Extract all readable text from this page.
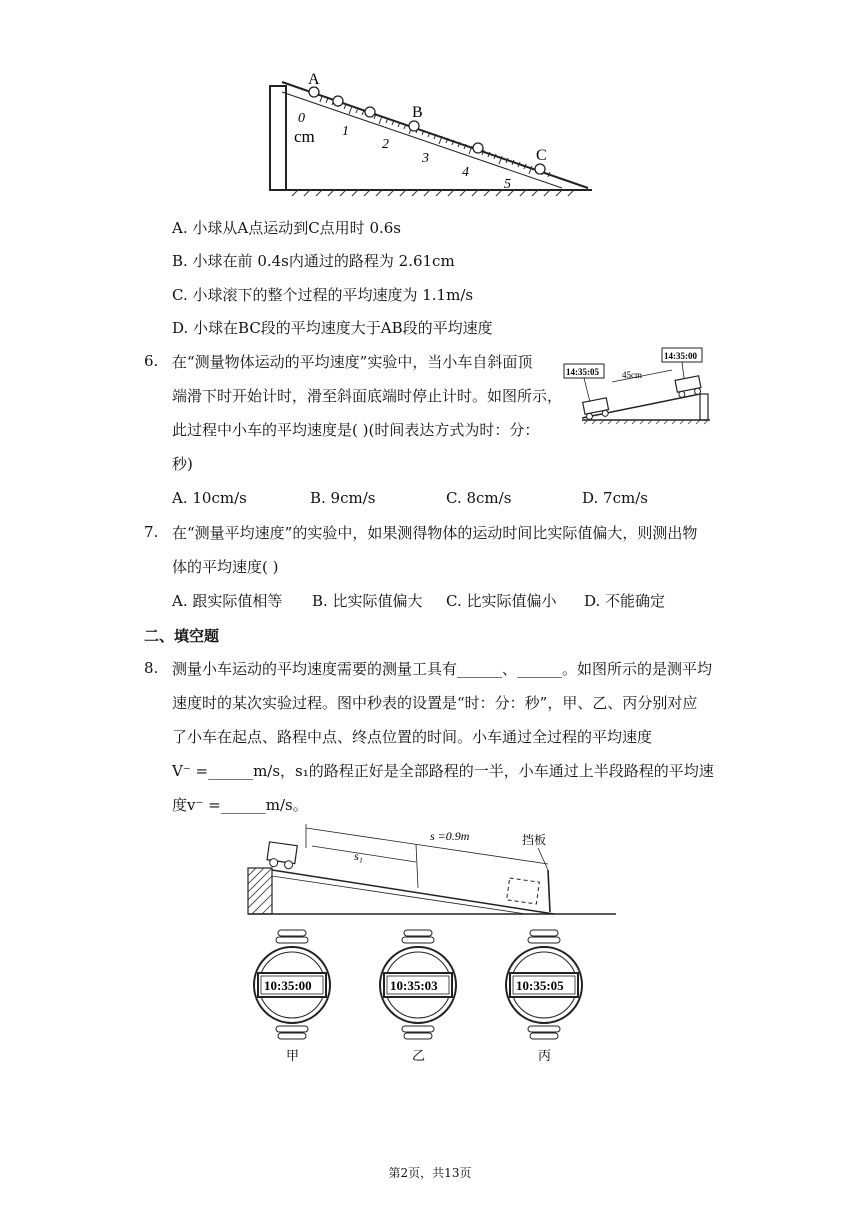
A
B
C
0
cm 1
2
3
4
5
A. 小球从A点运动到C点用时 0.6s
B. 小球在前 0.4s内通过的路程为 2.61cm
C. 小球滚下的整个过程的平均速度为 1.1m/s
D. 小球在BC段的平均速度大于AB段的平均速度
6. 在“测量物体运动的平均速度”实验中，当小车自斜面顶
端滑下时开始计时，滑至斜面底端时停止计时。如图所示，
此过程中小车的平均速度是( )(时间表达方式为时：分：
秒)
14:35:00
14:35:05	45cm
A. 10cm/s	B. 9cm/s	C. 8cm/s	D. 7cm/s
7. 在“测量平均速度”的实验中，如果测得物体的运动时间比实际值偏大，则测出物
体的平均速度( )
A. 跟实际值相等 B. 比实际值偏大 C. 比实际值偏小 D. 不能确定
二、填空题
8. 测量小车运动的平均速度需要的测量工具有______、______。如图所示的是测平均
速度时的某次实验过程。图中秒表的设置是“时：分：秒”，甲、乙、丙分别对应
了小车在起点、路程中点、终点位置的时间。小车通过全过程的平均速度
V⁻ =______m/s，s₁的路程正好是全部路程的一半，小车通过上半段路程的平均速
度v⁻ =______m/s。
挡板
s =0.9m
s₁
10:35:00
甲
10:35:03
乙
10:35:05
丙
第2页，共13页
